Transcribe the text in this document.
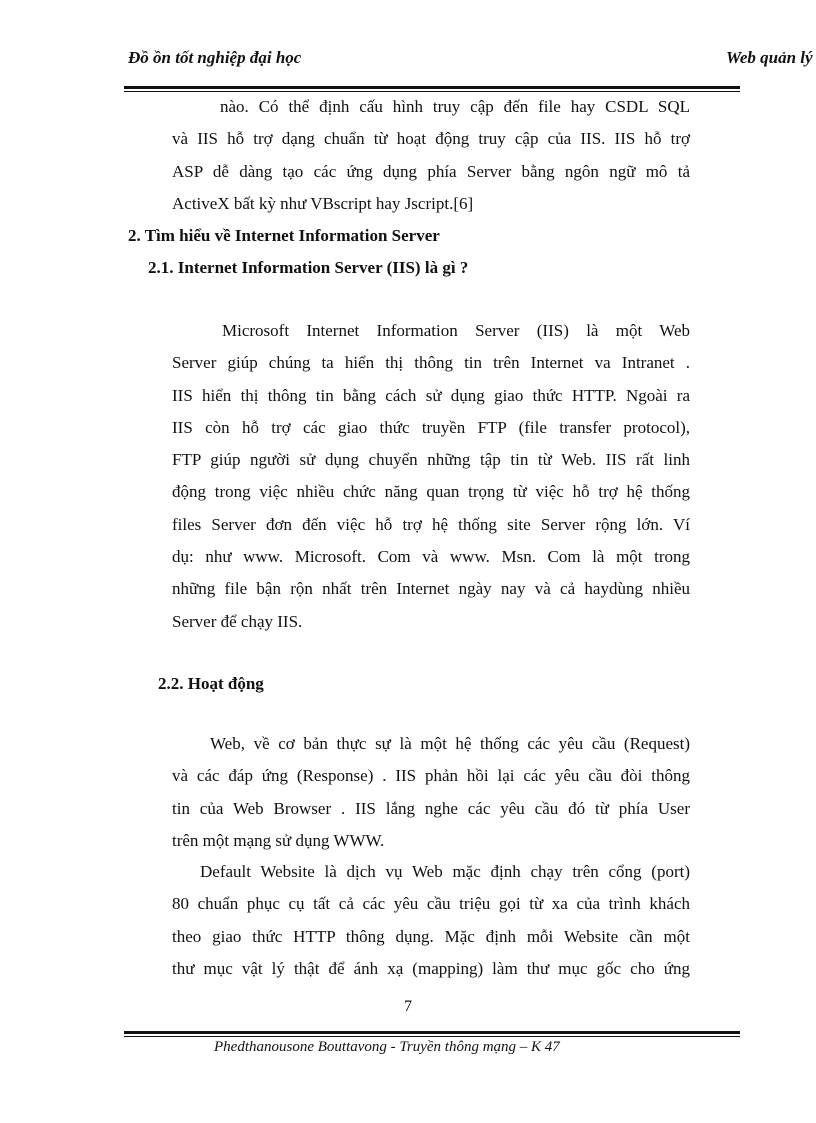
Đồ ồn tốt nghiệp đại học	Web quản lý
nào. Có thể định cấu hình truy cập đến file hay CSDL SQL
và IIS hỗ trợ dạng chuẩn từ hoạt động truy cập của IIS. IIS hỗ trợ
ASP dễ dàng tạo các ứng dụng phía Server bằng ngôn ngữ mô tả
ActiveX bất kỳ như VBscript hay Jscript.[6]
2. Tìm hiểu về Internet Information Server
2.1. Internet Information Server (IIS) là gì ?
Microsoft Internet Information Server (IIS) là một Web
Server giúp chúng ta hiển thị thông tin trên Internet va Intranet .
IIS hiển thị thông tin bằng cách sử dụng giao thức HTTP. Ngoài ra
IIS còn hỗ trợ các giao thức truyền FTP (file transfer protocol),
FTP giúp người sử dụng chuyển những tập tin từ Web. IIS rất linh
động trong việc nhiều chức năng quan trọng từ việc hỗ trợ hệ thống
files Server đơn đến việc hỗ trợ hệ thống site Server rộng lớn. Ví
dụ: như www. Microsoft. Com và www. Msn. Com là một trong
những file bận rộn nhất trên Internet ngày nay và cả haydùng nhiều
Server để chạy IIS.
2.2. Hoạt động
Web, về cơ bản thực sự là một hệ thống các yêu cầu (Request)
và các đáp ứng (Response) . IIS phản hồi lại các yêu cầu đòi thông
tin của Web Browser . IIS lắng nghe các yêu cầu đó từ phía User
trên một mạng sử dụng WWW.
Default Website là dịch vụ Web mặc định chạy trên cổng (port)
80 chuẩn phục cụ tất cả các yêu cầu triệu gọi từ xa của trình khách
theo giao thức HTTP thông dụng. Mặc định mỗi Website cần một
thư mục vật lý thật để ánh xạ (mapping) làm thư mục gốc cho ứng
7
Phedthanousone Bouttavong - Truyền thông mạng – K 47
